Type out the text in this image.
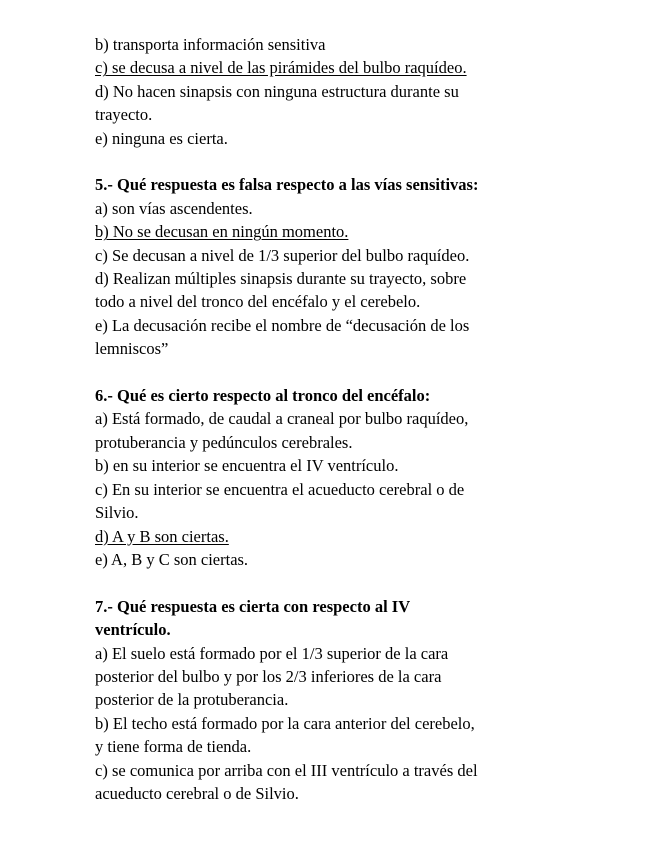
b) transporta información sensitiva
c) se decusa a nivel de las pirámides del bulbo raquídeo.
d) No hacen sinapsis con ninguna estructura durante su
trayecto.
e) ninguna es cierta.
5.- Qué respuesta es falsa respecto a las vías sensitivas:
a) son vías ascendentes.
b) No se decusan en ningún momento.
c) Se decusan a nivel de 1/3 superior del bulbo raquídeo.
d) Realizan múltiples sinapsis durante su trayecto, sobre
todo a nivel del tronco del encéfalo y el cerebelo.
e) La decusación recibe el nombre de “decusación de los
lemniscos”
6.- Qué es cierto respecto al tronco del encéfalo:
a) Está formado, de caudal a craneal por bulbo raquídeo,
protuberancia y pedúnculos cerebrales.
b) en su interior se encuentra el IV ventrículo.
c) En su interior se encuentra el acueducto cerebral o de
Silvio.
d) A y B son ciertas.
e) A, B y C son ciertas.
7.- Qué respuesta es cierta con respecto al IV
ventrículo.
a) El suelo está formado por el 1/3 superior de la cara
posterior del bulbo y por los 2/3 inferiores de la cara
posterior de la protuberancia.
b) El techo está formado por la cara anterior del cerebelo,
y tiene forma de tienda.
c) se comunica por arriba con el III ventrículo a través del
acueducto cerebral o de Silvio.
